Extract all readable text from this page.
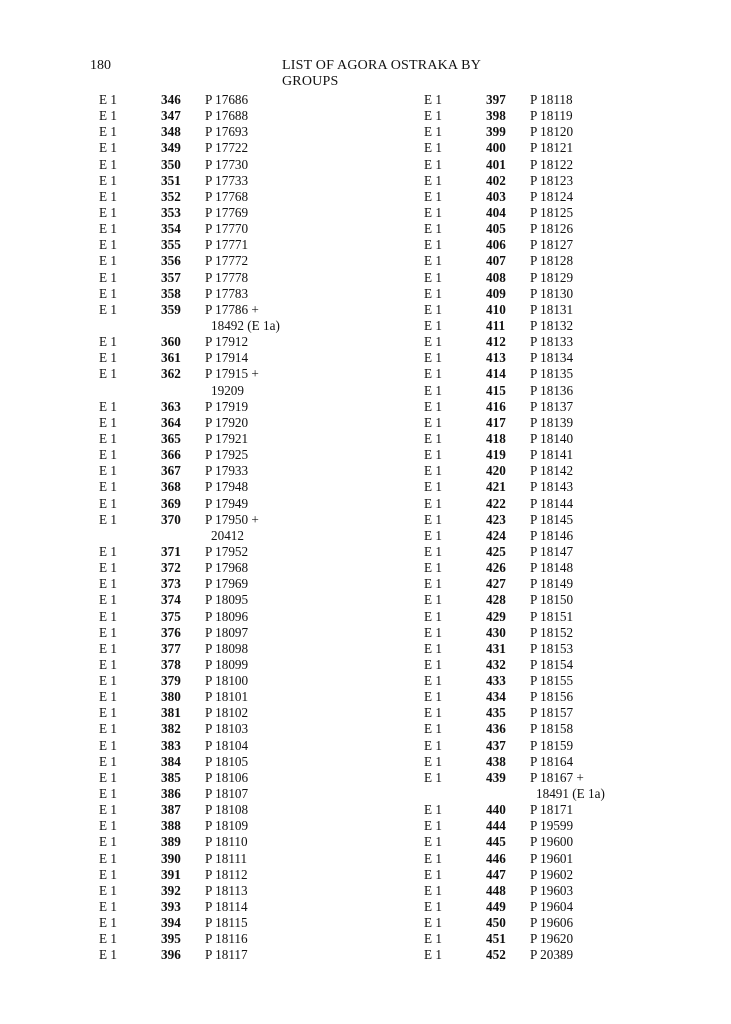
180	LIST OF AGORA OSTRAKA BY GROUPS
E 1	346 P 17686
E 1	347 P 17688
E 1	348 P 17693
E 1	349 P 17722
E 1	350 P 17730
E 1	351 P 17733
E 1	352 P 17768
E 1	353 P 17769
E 1	354 P 17770
E 1	355 P 17771
E 1	356 P 17772
E 1	357 P 17778
E 1	358 P 17783
E 1	359 P 17786 +
18492 (E 1a)
E 1	360 P 17912
E 1	361 P 17914
E 1	362 P 17915 +
19209
E 1	363 P 17919
E 1	364 P 17920
E 1	365 P 17921
E 1	366 P 17925
E 1	367 P 17933
E 1	368 P 17948
E 1	369 P 17949
E 1	370 P 17950 +
20412
E 1	371 P 17952
E 1	372 P 17968
E 1	373 P 17969
E 1	374 P 18095
E 1	375 P 18096
E 1	376 P 18097
E 1	377 P 18098
E 1	378 P 18099
E 1	379 P 18100
E 1	380 P 18101
E 1	381 P 18102
E 1	382 P 18103
E 1	383 P 18104
E 1	384 P 18105
E 1	385 P 18106
E 1	386 P 18107
E 1	387 P 18108
E 1	388 P 18109
E 1	389 P 18110
E 1	390 P 18111
E 1	391 P 18112
E 1	392 P 18113
E 1	393 P 18114
E 1	394 P 18115
E 1	395 P 18116
E 1	396 P 18117
E 1	397 P 18118
E 1	398 P 18119
E 1	399 P 18120
E 1	400 P 18121
E 1	401 P 18122
E 1	402 P 18123
E 1	403 P 18124
E 1	404 P 18125
E 1	405 P 18126
E 1	406 P 18127
E 1	407 P 18128
E 1	408 P 18129
E 1	409 P 18130
E 1	410 P 18131
E 1	411 P 18132
E 1	412 P 18133
E 1	413 P 18134
E 1	414 P 18135
E 1	415 P 18136
E 1	416 P 18137
E 1	417 P 18139
E 1	418 P 18140
E 1	419 P 18141
E 1	420 P 18142
E 1	421 P 18143
E 1	422 P 18144
E 1	423 P 18145
E 1	424 P 18146
E 1	425 P 18147
E 1	426 P 18148
E 1	427 P 18149
E 1	428 P 18150
E 1	429 P 18151
E 1	430 P 18152
E 1	431 P 18153
E 1	432 P 18154
E 1	433 P 18155
E 1	434 P 18156
E 1	435 P 18157
E 1	436 P 18158
E 1	437 P 18159
E 1	438 P 18164
E 1	439 P 18167 +
18491 (E 1a)
E 1	440 P 18171
E 1	444 P 19599
E 1	445 P 19600
E 1	446 P 19601
E 1	447 P 19602
E 1	448 P 19603
E 1	449 P 19604
E 1	450 P 19606
E 1	451 P 19620
E 1	452 P 20389
